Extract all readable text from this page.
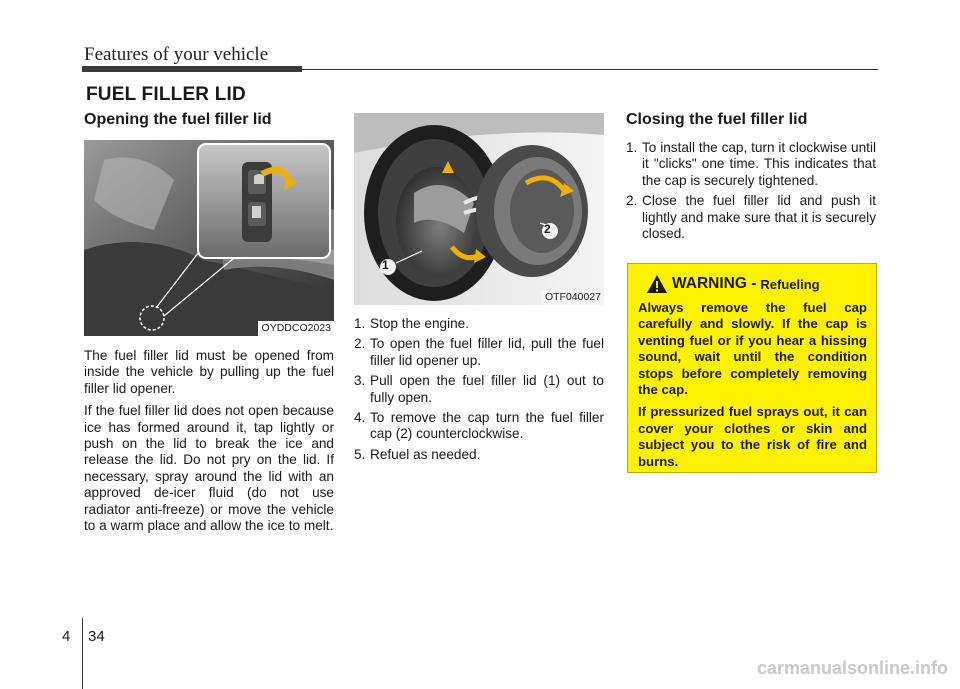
Features of your vehicle
FUEL FILLER LID
Opening the fuel filler lid
OYDDCO2023

The fuel filler lid must be opened from inside the vehicle by pulling up the fuel filler lid opener.

If the fuel filler lid does not open because ice has formed around it, tap lightly or push on the lid to break the ice and release the lid. Do not pry on the lid. If necessary, spray around the lid with an approved de-icer fluid (do not use radiator anti-freeze) or move the vehicle to a warm place and allow the ice to melt.

1
2
OTF040027
1. Stop the engine.
2. To open the fuel filler lid, pull the fuel filler lid opener up.
3. Pull open the fuel filler lid (1) out to fully open.
4. To remove the cap turn the fuel filler cap (2) counterclockwise.
5. Refuel as needed.
Closing the fuel filler lid
1. To install the cap, turn it clockwise until it "clicks" one time. This indicates that the cap is securely tightened.
2. Close the fuel filler lid and push it lightly and make sure that it is securely closed.
WARNING - Refueling

Always remove the fuel cap carefully and slowly. If the cap is venting fuel or if you hear a hissing sound, wait until the condition stops before completely removing the cap.

If pressurized fuel sprays out, it can cover your clothes or skin and subject you to the risk of fire and burns.

4 34
carmanualsonline.info
